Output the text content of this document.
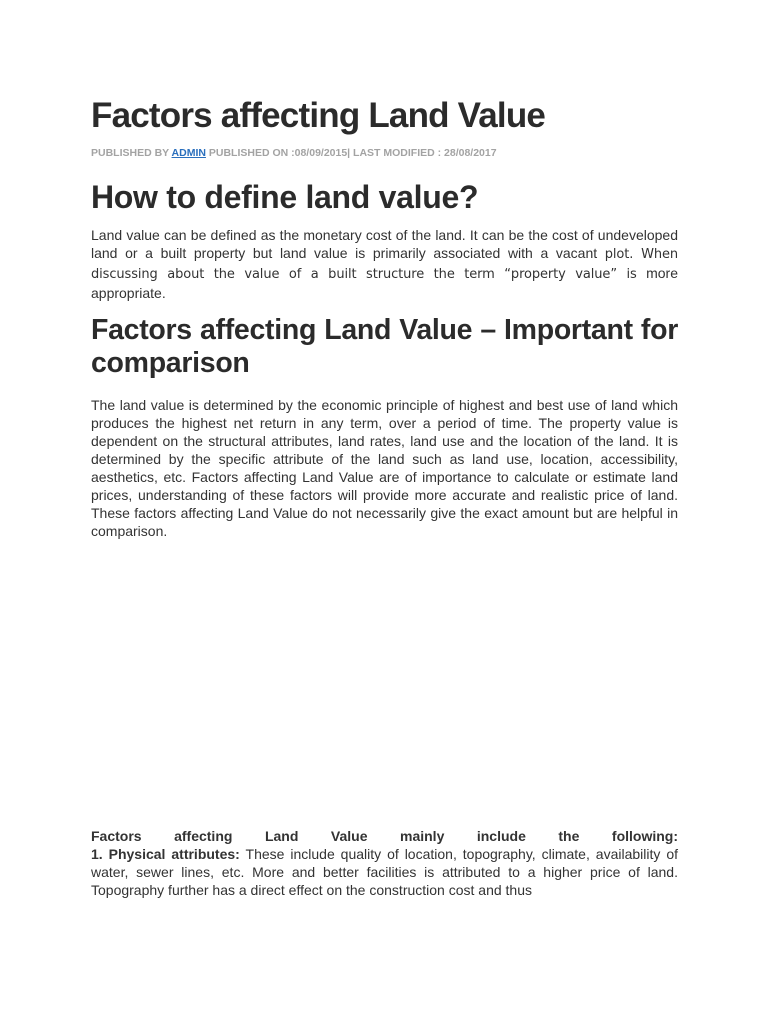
Factors affecting Land Value
PUBLISHED BY ADMIN PUBLISHED ON :08/09/2015| LAST MODIFIED : 28/08/2017
How to define land value?

Land value can be defined as the monetary cost of the land. It can be the cost of undeveloped land or a built property but land value is primarily associated with a vacant plot. When discussing about the value of a built structure the term “property value” is more appropriate.

Factors affecting Land Value – Important for comparison

The land value is determined by the economic principle of highest and best use of land which produces the highest net return in any term, over a period of time. The property value is dependent on the structural attributes, land rates, land use and the location of the land. It is determined by the specific attribute of the land such as land use, location, accessibility, aesthetics, etc. Factors affecting Land Value are of importance to calculate or estimate land prices, understanding of these factors will provide more accurate and realistic price of land. These factors affecting Land Value do not necessarily give the exact amount but are helpful in comparison.

Factors affecting Land Value mainly include the following:
1. Physical attributes: These include quality of location, topography, climate, availability of water, sewer lines, etc. More and better facilities is attributed to a higher price of land. Topography further has a direct effect on the construction cost and thus
